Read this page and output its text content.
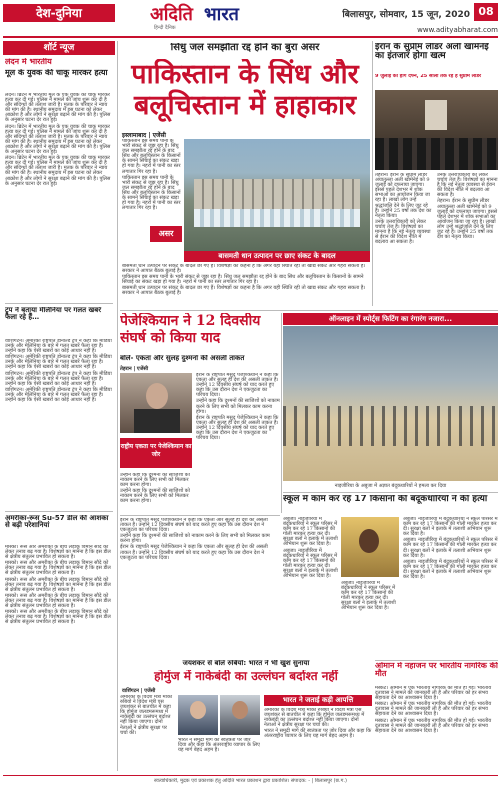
देश-दुनिया	अदिति भारत
हिन्दी दैनिक
बिलासपुर, सोमवार, 15 जून, 2020 08
www.adityabharat.com
शॉर्ट न्यूज
लंदन में भारतीय
मूल के युवक की चाकू मारकर हत्या

लंदन। ब्रिटेन में भारतीय मूल के एक युवक की चाकू मारकर हत्या कर दी गई। पुलिस ने मामले की जांच शुरू कर दी है और संदिग्धों की तलाश जारी है। मृतक के परिवार ने न्याय की मांग की है। स्थानीय समुदाय में इस घटना को लेकर आक्रोश है और लोगों ने सुरक्षा बढ़ाने की मांग की है। पुलिस के अनुसार घटना देर रात हुई।

लंदन। ब्रिटेन में भारतीय मूल के एक युवक की चाकू मारकर हत्या कर दी गई। पुलिस ने मामले की जांच शुरू कर दी है और संदिग्धों की तलाश जारी है। मृतक के परिवार ने न्याय की मांग की है। स्थानीय समुदाय में इस घटना को लेकर आक्रोश है और लोगों ने सुरक्षा बढ़ाने की मांग की है। पुलिस के अनुसार घटना देर रात हुई।

लंदन। ब्रिटेन में भारतीय मूल के एक युवक की चाकू मारकर हत्या कर दी गई। पुलिस ने मामले की जांच शुरू कर दी है और संदिग्धों की तलाश जारी है। मृतक के परिवार ने न्याय की मांग की है। स्थानीय समुदाय में इस घटना को लेकर आक्रोश है और लोगों ने सुरक्षा बढ़ाने की मांग की है। पुलिस के अनुसार घटना देर रात हुई।

ट्रंप ने बताया मेलिनिया पर गलत खबरें फैला रहे हैं…

वाशिंगटन। अमेरिकी राष्ट्रपति डोनाल्ड ट्रंप ने कहा कि मीडिया उनके और मेलिनिया के बारे में गलत खबरें फैला रहा है। उन्होंने कहा कि ऐसी खबरों का कोई आधार नहीं है।

वाशिंगटन। अमेरिकी राष्ट्रपति डोनाल्ड ट्रंप ने कहा कि मीडिया उनके और मेलिनिया के बारे में गलत खबरें फैला रहा है। उन्होंने कहा कि ऐसी खबरों का कोई आधार नहीं है।

वाशिंगटन। अमेरिकी राष्ट्रपति डोनाल्ड ट्रंप ने कहा कि मीडिया उनके और मेलिनिया के बारे में गलत खबरें फैला रहा है। उन्होंने कहा कि ऐसी खबरों का कोई आधार नहीं है।

वाशिंगटन। अमेरिकी राष्ट्रपति डोनाल्ड ट्रंप ने कहा कि मीडिया उनके और मेलिनिया के बारे में गलत खबरें फैला रहा है। उन्होंने कहा कि ऐसी खबरों का कोई आधार नहीं है।

अमरीका-रूस Su-57 डील की आशंका से बढ़ी परेशानियां

मास्को। रूस और अमरीका के बीच लड़ाकू विमान सौदे को लेकर तनाव बढ़ गया है। विशेषज्ञों का मानना है कि इस डील से क्षेत्रीय संतुलन प्रभावित हो सकता है।

मास्को। रूस और अमरीका के बीच लड़ाकू विमान सौदे को लेकर तनाव बढ़ गया है। विशेषज्ञों का मानना है कि इस डील से क्षेत्रीय संतुलन प्रभावित हो सकता है।

मास्को। रूस और अमरीका के बीच लड़ाकू विमान सौदे को लेकर तनाव बढ़ गया है। विशेषज्ञों का मानना है कि इस डील से क्षेत्रीय संतुलन प्रभावित हो सकता है।

मास्को। रूस और अमरीका के बीच लड़ाकू विमान सौदे को लेकर तनाव बढ़ गया है। विशेषज्ञों का मानना है कि इस डील से क्षेत्रीय संतुलन प्रभावित हो सकता है।

मास्को। रूस और अमरीका के बीच लड़ाकू विमान सौदे को लेकर तनाव बढ़ गया है। विशेषज्ञों का मानना है कि इस डील से क्षेत्रीय संतुलन प्रभावित हो सकता है।

सिंधु जल समझौता रद्द होने का बुरा असर
पाकिस्तान के सिंध और बलूचिस्तान में हाहाकार
इस्लामाबाद | एजेंसी

पाकिस्तान इस समय पानी के भारी संकट से जूझ रहा है। सिंधु जल समझौता रद्द होने के बाद सिंध और बलूचिस्तान के किसानों के सामने सिंचाई का संकट खड़ा हो गया है। नहरों में पानी का स्तर लगातार गिर रहा है।

पाकिस्तान इस समय पानी के भारी संकट से जूझ रहा है। सिंधु जल समझौता रद्द होने के बाद सिंध और बलूचिस्तान के किसानों के सामने सिंचाई का संकट खड़ा हो गया है। नहरों में पानी का स्तर लगातार गिर रहा है।

असर
बासमती धान उत्पादन पर छाए संकट के बादल

बासमती धान उत्पादन पर संकट के बादल छा गए हैं। विशेषज्ञों का कहना है कि अगर यही स्थिति रही तो खाद्य संकट और गहरा सकता है। सरकार ने आपात बैठक बुलाई है।

पाकिस्तान इस समय पानी के भारी संकट से जूझ रहा है। सिंधु जल समझौता रद्द होने के बाद सिंध और बलूचिस्तान के किसानों के सामने सिंचाई का संकट खड़ा हो गया है। नहरों में पानी का स्तर लगातार गिर रहा है।

बासमती धान उत्पादन पर संकट के बादल छा गए हैं। विशेषज्ञों का कहना है कि अगर यही स्थिति रही तो खाद्य संकट और गहरा सकता है। सरकार ने आपात बैठक बुलाई है।

ईरान के सुप्रीम लीडर अली खामेनेई का इंतजार होगा खत्म
9 जुलाई को होंगे दफ्न, 25 सालों तक रहे हैं सुप्रीम लीडर

तेहरान। ईरान के सुप्रीम लीडर अयातुल्ला अली खामेनेई को 9 जुलाई को दफनाया जाएगा। इससे पहले देशभर में शोक सभाओं का आयोजन किया जा रहा है। लाखों लोग उन्हें श्रद्धांजलि देने के लिए जुट रहे हैं। उन्होंने 25 वर्षों तक देश का नेतृत्व किया।

उनके उत्तराधिकारी को लेकर चर्चाएं तेज हैं। विशेषज्ञों का मानना है कि नई नेतृत्व व्यवस्था से ईरान की विदेश नीति में बदलाव आ सकता है।

उनके उत्तराधिकारी को लेकर चर्चाएं तेज हैं। विशेषज्ञों का मानना है कि नई नेतृत्व व्यवस्था से ईरान की विदेश नीति में बदलाव आ सकता है।

तेहरान। ईरान के सुप्रीम लीडर अयातुल्ला अली खामेनेई को 9 जुलाई को दफनाया जाएगा। इससे पहले देशभर में शोक सभाओं का आयोजन किया जा रहा है। लाखों लोग उन्हें श्रद्धांजलि देने के लिए जुट रहे हैं। उन्होंने 25 वर्षों तक देश का नेतृत्व किया।

पेजेश्कियान ने 12 दिवसीय संघर्ष को किया याद
बोले- एकता और सुलह दुश्मनों की असली ताकत
तेहरान | एजेंसी
राष्ट्रीय एकता पर पेजेश्कियान का जोर

ईरान के राष्ट्रपति मसूद पेजेश्कियान ने कहा कि एकता और सुलह ही देश की असली ताकत है। उन्होंने 12 दिवसीय संघर्ष को याद करते हुए कहा कि उस दौरान देश ने एकजुटता का परिचय दिया।

उन्होंने कहा कि दुश्मनों की साजिशों को नाकाम करने के लिए सभी को मिलकर काम करना होगा।

ईरान के राष्ट्रपति मसूद पेजेश्कियान ने कहा कि एकता और सुलह ही देश की असली ताकत है। उन्होंने 12 दिवसीय संघर्ष को याद करते हुए कहा कि उस दौरान देश ने एकजुटता का परिचय दिया।

उन्होंने कहा कि दुश्मनों की साजिशों को नाकाम करने के लिए सभी को मिलकर काम करना होगा।

उन्होंने कहा कि दुश्मनों की साजिशों को नाकाम करने के लिए सभी को मिलकर काम करना होगा।

ऑनलाइन में स्पोर्ट्स फिटिंग का रंगारंग नजारा...
नाइजीरिया के अबुजा में अज्ञात बंदूकधारियों ने हमला कर दिया
स्कूल में काम कर रहे 17 किसानों की बंदूकधारियों ने की हत्या

अबुजा। नाइजीरिया में बंदूकधारियों ने स्कूल परिसर में काम कर रहे 17 किसानों की गोली मारकर हत्या कर दी। सुरक्षा बलों ने इलाके में तलाशी अभियान शुरू कर दिया है।

अबुजा। नाइजीरिया में बंदूकधारियों ने स्कूल परिसर में काम कर रहे 17 किसानों की गोली मारकर हत्या कर दी। सुरक्षा बलों ने इलाके में तलाशी अभियान शुरू कर दिया है।

अबुजा। नाइजीरिया में बंदूकधारियों ने स्कूल परिसर में काम कर रहे 17 किसानों की गोली मारकर हत्या कर दी। सुरक्षा बलों ने इलाके में तलाशी अभियान शुरू कर दिया है।

अबुजा। नाइजीरिया में बंदूकधारियों ने स्कूल परिसर में काम कर रहे 17 किसानों की गोली मारकर हत्या कर दी। सुरक्षा बलों ने इलाके में तलाशी अभियान शुरू कर दिया है।

अबुजा। नाइजीरिया में बंदूकधारियों ने स्कूल परिसर में काम कर रहे 17 किसानों की गोली मारकर हत्या कर दी। सुरक्षा बलों ने इलाके में तलाशी अभियान शुरू कर दिया है।

अबुजा। नाइजीरिया में बंदूकधारियों ने स्कूल परिसर में काम कर रहे 17 किसानों की गोली मारकर हत्या कर दी। सुरक्षा बलों ने इलाके में तलाशी अभियान शुरू कर दिया है।

ओमान में नहाजन पर भारतीय नागरिक की मौत

मस्कट। ओमान में एक भारतीय नागरिक की मौत हो गई। भारतीय दूतावास ने मामले की जानकारी ली है और परिवार को हर संभव सहायता देने का आश्वासन दिया है।

मस्कट। ओमान में एक भारतीय नागरिक की मौत हो गई। भारतीय दूतावास ने मामले की जानकारी ली है और परिवार को हर संभव सहायता देने का आश्वासन दिया है।

मस्कट। ओमान में एक भारतीय नागरिक की मौत हो गई। भारतीय दूतावास ने मामले की जानकारी ली है और परिवार को हर संभव सहायता देने का आश्वासन दिया है।

जयशंकर से बोले रुबियो: भारत ने भी खुश सुनाया
होर्मुज में नाकेबंदी का उल्लंघन बर्दाश्त नहीं
वाशिंगटन | एजेंसी

अमेरिका के विदेश मंत्री मार्को रुबियो ने विदेश मंत्री एस जयशंकर से बातचीत में कहा कि होर्मुज जलडमरूमध्य में नाकेबंदी का उल्लंघन बर्दाश्त नहीं किया जाएगा। दोनों नेताओं ने क्षेत्रीय सुरक्षा पर चर्चा की।

भारत ने समुद्री मार्ग की स्वतंत्रता पर जोर दिया और कहा कि अंतरराष्ट्रीय व्यापार के लिए यह मार्ग बेहद अहम है।

भारत ने जताई कड़ी आपत्ति

अमेरिका के विदेश मंत्री मार्को रुबियो ने विदेश मंत्री एस जयशंकर से बातचीत में कहा कि होर्मुज जलडमरूमध्य में नाकेबंदी का उल्लंघन बर्दाश्त नहीं किया जाएगा। दोनों नेताओं ने क्षेत्रीय सुरक्षा पर चर्चा की।

भारत ने समुद्री मार्ग की स्वतंत्रता पर जोर दिया और कहा कि अंतरराष्ट्रीय व्यापार के लिए यह मार्ग बेहद अहम है।

ईरान के राष्ट्रपति मसूद पेजेश्कियान ने कहा कि एकता और सुलह ही देश की असली ताकत है। उन्होंने 12 दिवसीय संघर्ष को याद करते हुए कहा कि उस दौरान देश ने एकजुटता का परिचय दिया।

उन्होंने कहा कि दुश्मनों की साजिशों को नाकाम करने के लिए सभी को मिलकर काम करना होगा।

ईरान के राष्ट्रपति मसूद पेजेश्कियान ने कहा कि एकता और सुलह ही देश की असली ताकत है। उन्होंने 12 दिवसीय संघर्ष को याद करते हुए कहा कि उस दौरान देश ने एकजुटता का परिचय दिया।

स्वत्वाधिकारी, मुद्रक एवं प्रकाशक हेतु अदिति भारत प्रकाशन द्वारा प्रकाशित। संपादक: - | बिलासपुर (छ.ग.)
